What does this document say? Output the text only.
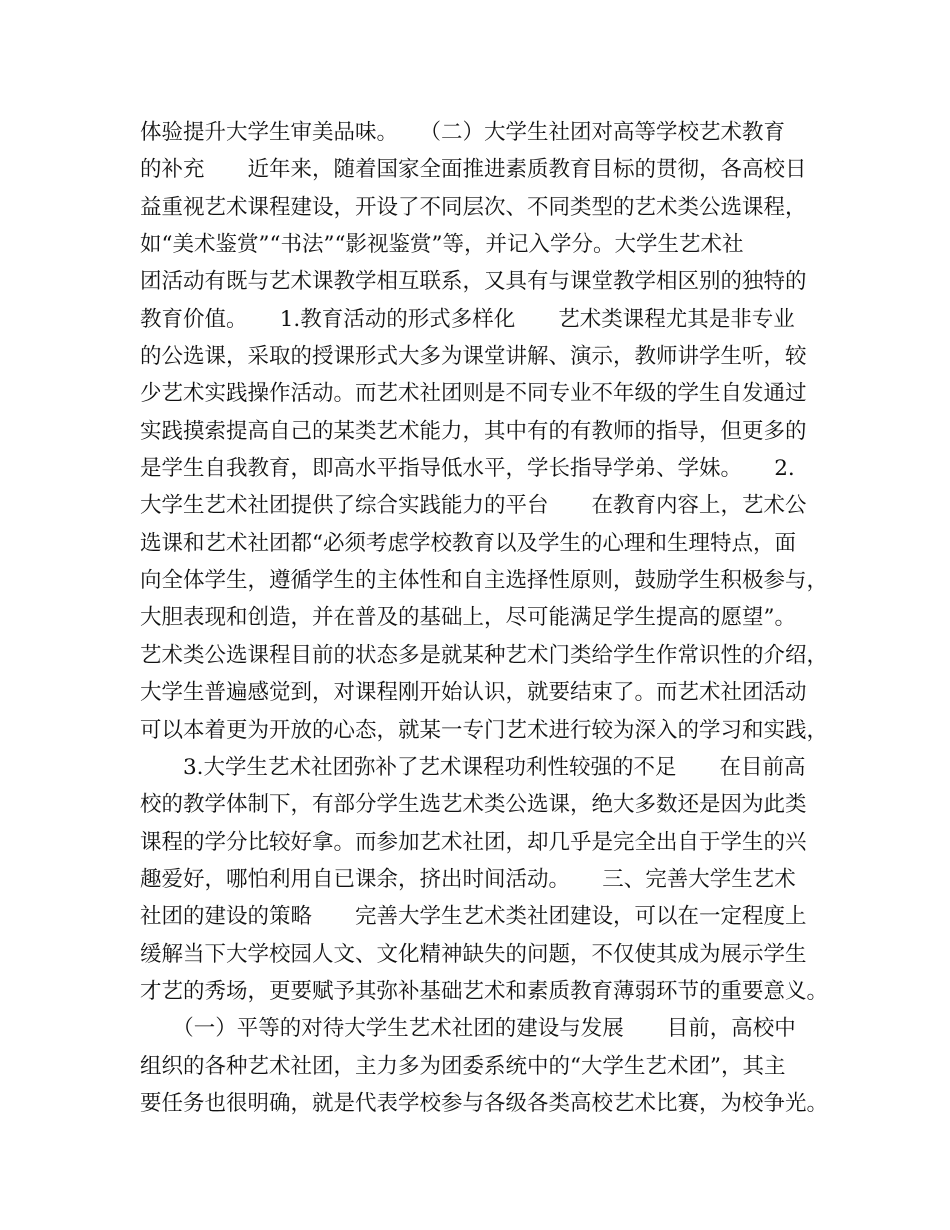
体验提升大学生审美品味。　　（二）大学生社团对高等学校艺术教育
的补充　　近年来，随着国家全面推进素质教育目标的贯彻，各高校日
益重视艺术课程建设，开设了不同层次、不同类型的艺术类公选课程，
如“美术鉴赏”“书法”“影视鉴赏”等，并记入学分。大学生艺术社
团活动有既与艺术课教学相互联系，又具有与课堂教学相区别的独特的
教育价值。　　1.教育活动的形式多样化　　艺术类课程尤其是非专业
的公选课，采取的授课形式大多为课堂讲解、演示，教师讲学生听，较
少艺术实践操作活动。而艺术社团则是不同专业不年级的学生自发通过
实践摸索提高自己的某类艺术能力，其中有的有教师的指导，但更多的
是学生自我教育，即高水平指导低水平，学长指导学弟、学妹。　　2.
大学生艺术社团提供了综合实践能力的平台　　在教育内容上，艺术公
选课和艺术社团都“必须考虑学校教育以及学生的心理和生理特点，面
向全体学生，遵循学生的主体性和自主选择性原则，鼓励学生积极参与，
大胆表现和创造，并在普及的基础上，尽可能满足学生提高的愿望”。
艺术类公选课程目前的状态多是就某种艺术门类给学生作常识性的介绍，
大学生普遍感觉到，对课程刚开始认识，就要结束了。而艺术社团活动
可以本着更为开放的心态，就某一专门艺术进行较为深入的学习和实践，
　　3.大学生艺术社团弥补了艺术课程功利性较强的不足　　在目前高
校的教学体制下，有部分学生选艺术类公选课，绝大多数还是因为此类
课程的学分比较好拿。而参加艺术社团，却几乎是完全出自于学生的兴
趣爱好，哪怕利用自已课余，挤出时间活动。　　三、完善大学生艺术
社团的建设的策略　　完善大学生艺术类社团建设，可以在一定程度上
缓解当下大学校园人文、文化精神缺失的问题，不仅使其成为展示学生
才艺的秀场，更要赋予其弥补基础艺术和素质教育薄弱环节的重要意义。
　　（一）平等的对待大学生艺术社团的建设与发展　　目前，高校中
组织的各种艺术社团，主力多为团委系统中的“大学生艺术团”，其主
要任务也很明确，就是代表学校参与各级各类高校艺术比赛，为校争光。
